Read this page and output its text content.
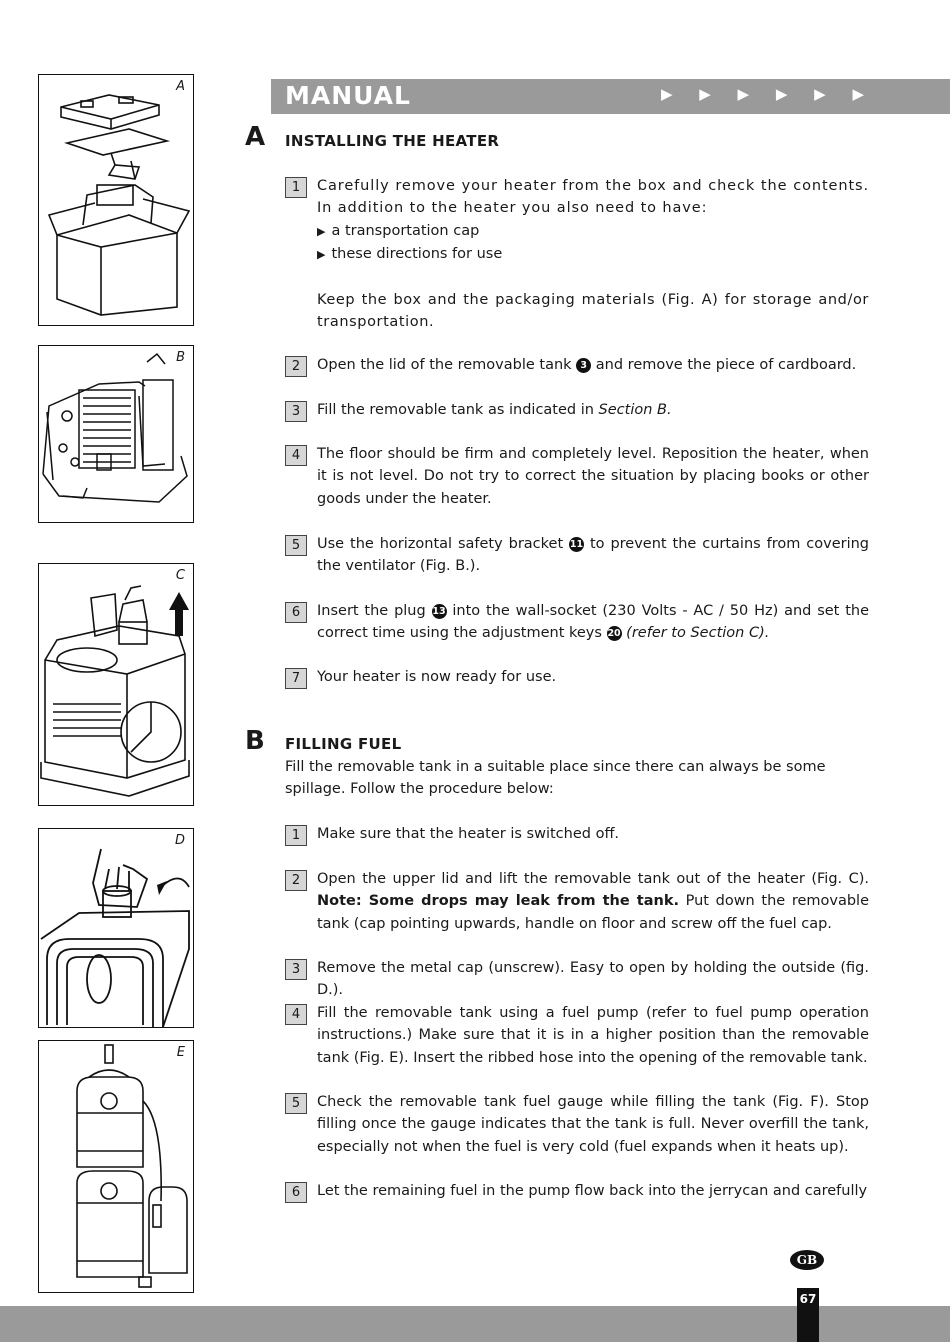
A
B
C
D
E
MANUAL	▶ ▶ ▶ ▶ ▶ ▶
A INSTALLING THE HEATER
1	Carefully remove your heater from the box and check the contents. In addition to the heater you also need to have:

▶ a transportation cap

▶ these directions for use

Keep the box and the packaging materials (Fig. A) for storage and/or transportation.

2	Open the lid of the removable tank 3 and remove the piece of cardboard.
3	Fill the removable tank as indicated in Section B.
4	The floor should be firm and completely level. Reposition the heater, when it is not level. Do not try to correct the situation by placing books or other goods under the heater.
5	Use the horizontal safety bracket 11 to prevent the curtains from covering the ventilator (Fig. B.).
6	Insert the plug 13 into the wall-socket (230 Volts - AC / 50 Hz) and set the correct time using the adjustment keys 20 (refer to Section C).
7	Your heater is now ready for use.
B FILLING FUEL
Fill the removable tank in a suitable place since there can always be some spillage. Follow the procedure below:
1	Make sure that the heater is switched off.
2	Open the upper lid and lift the removable tank out of the heater (Fig. C). Note: Some drops may leak from the tank. Put down the removable tank (cap pointing upwards, handle on floor and screw off the fuel cap.
3	Remove the metal cap (unscrew). Easy to open by holding the outside (fig. D.).
4	Fill the removable tank using a fuel pump (refer to fuel pump operation instructions.) Make sure that it is in a higher position than the removable tank (Fig. E). Insert the ribbed hose into the opening of the removable tank.
5	Check the removable tank fuel gauge while filling the tank (Fig. F). Stop filling once the gauge indicates that the tank is full. Never overfill the tank, especially not when the fuel is very cold (fuel expands when it heats up).
6	Let the remaining fuel in the pump flow back into the jerrycan and carefully
GB
67
